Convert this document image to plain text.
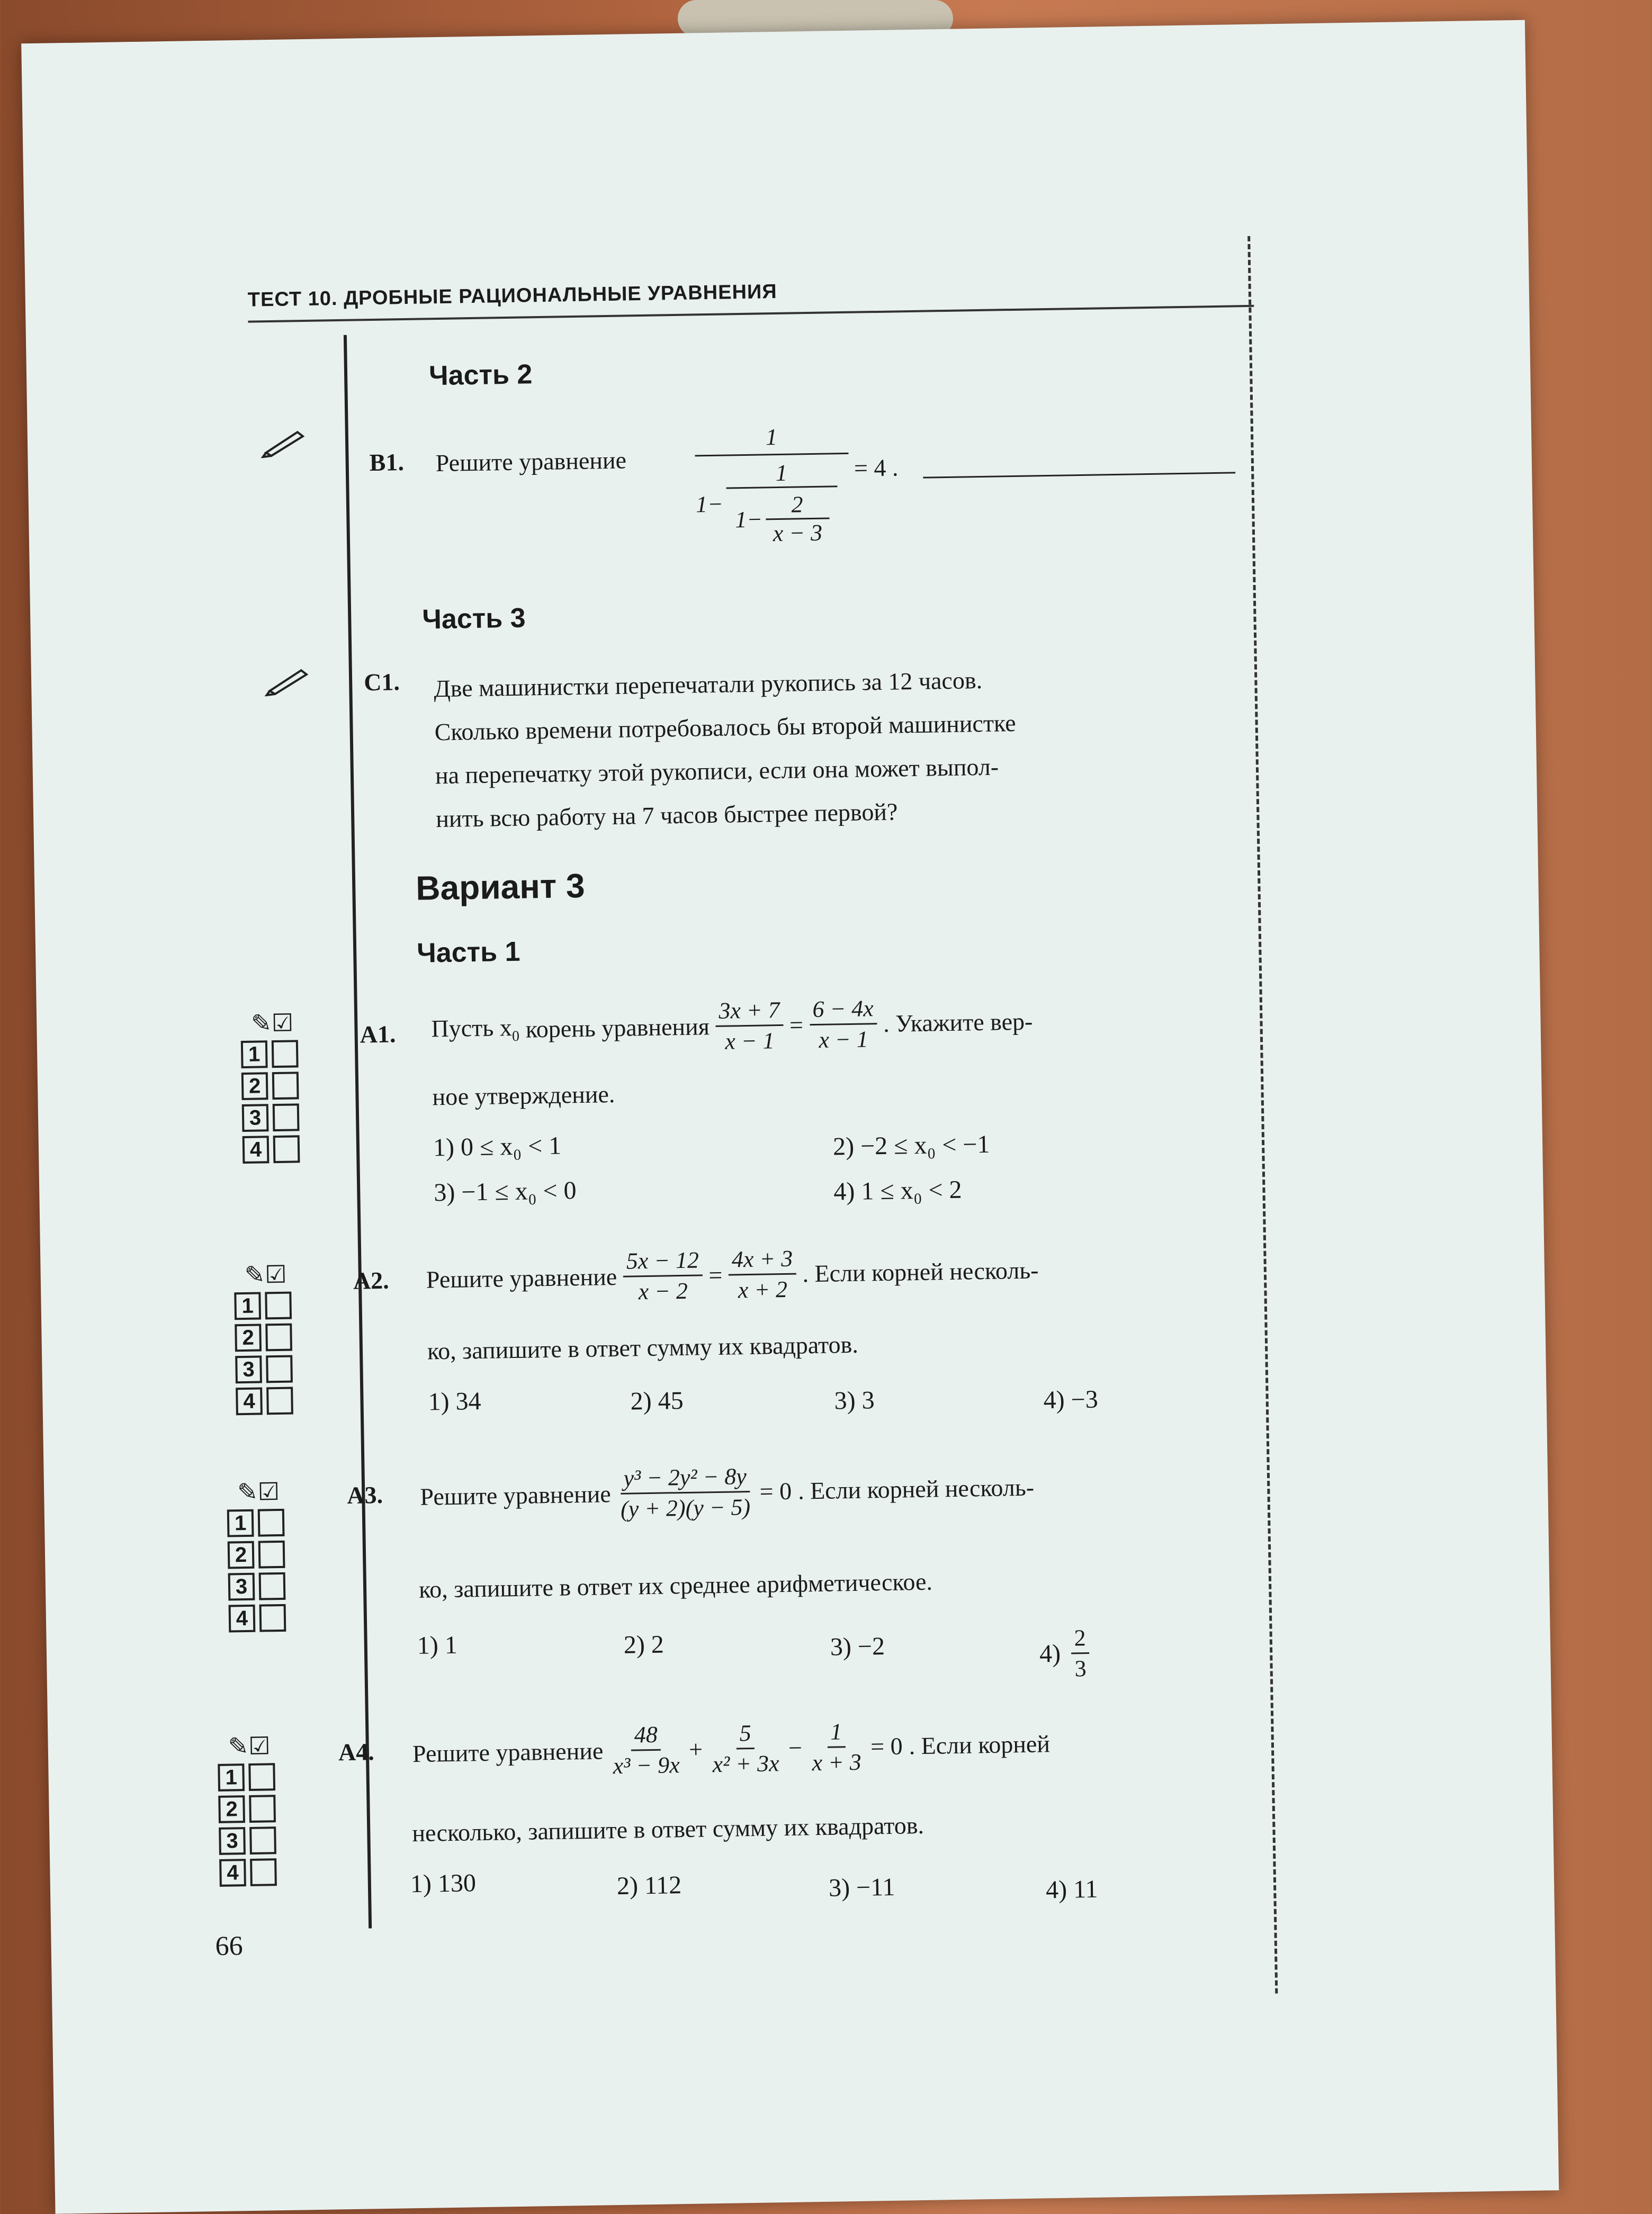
ТЕСТ 10. ДРОБНЫЕ РАЦИОНАЛЬНЫЕ УРАВНЕНИЯ
Часть 2
B1. Решите уравнение
1
1−
1
1−
2
x − 3
= 4 .
Часть 3
C1. Две машинистки перепечатали рукопись за 12 часов.
Сколько времени потребовалось бы второй машинистке
на перепечатку этой рукописи, если она может выпол-
нить всю работу на 7 часов быстрее первой?
Вариант 3
Часть 1
✎☑
1
2
3
4
A1. Пусть $x_0$ корень уравнения $\frac{3x + 7}{x - 1} = \frac{6 - 4x}{x - 1}$ . Укажите вер-
ное утверждение.
1) 0 ≤ x₀ < 1	2) −2 ≤ x₀ < −1
3) −1 ≤ x₀ < 0	4) 1 ≤ x₀ < 2
✎☑
1
2
3
4
A2. Решите уравнение $\frac{5x - 12}{x - 2} = \frac{4x + 3}{x + 2}$ . Если корней несколь-
ко, запишите в ответ сумму их квадратов.
1) 34	2) 45	3) 3	4) −3
✎☑
1
2
3
4
A3. Решите уравнение $\frac{\text{y³ − 2y² − 8y}}{(y + 2)(y - 5)} = 0$ . Если корней несколь-
ко, запишите в ответ их среднее арифметическое.
1) 1	2) 2	3) −2	$4) \frac{2}{3}$
✎☑
1
2
3
4
A4. Решите уравнение $\frac{48}{\text{x³ − 9x}} + \frac{5}{\text{x² + 3x}} - \frac{1}{x + 3} = 0$ . Если корней
несколько, запишите в ответ сумму их квадратов.
1) 130	2) 112	3) −11	4) 11
66
